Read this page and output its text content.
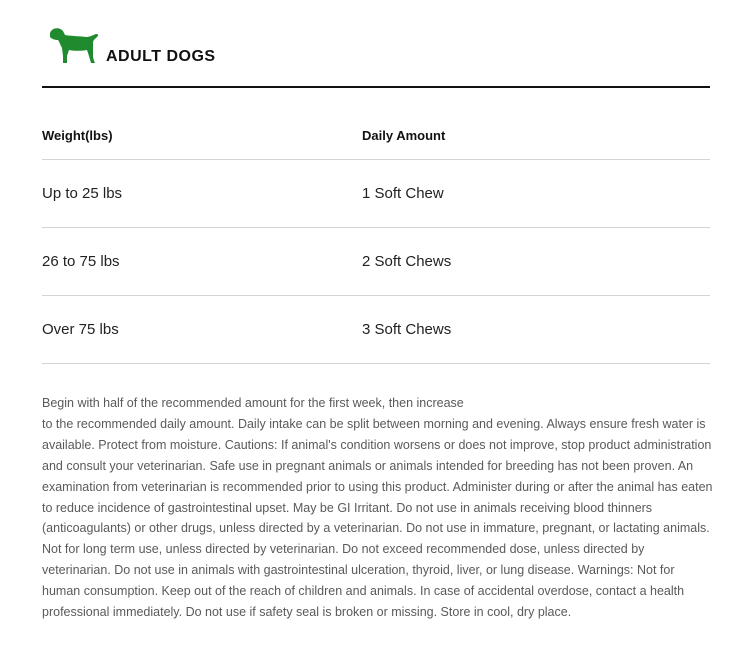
ADULT DOGS
Weight(lbs)	Daily Amount
Up to 25 lbs	1 Soft Chew
26 to 75 lbs	2 Soft Chews
Over 75 lbs	3 Soft Chews

Begin with half of the recommended amount for the first week, then increase

to the recommended daily amount. Daily intake can be split between morning and evening. Always ensure fresh water is available. Protect from moisture. Cautions: If animal's condition worsens or does not improve, stop product administration and consult your veterinarian. Safe use in pregnant animals or animals intended for breeding has not been proven. An examination from veterinarian is recommended prior to using this product. Administer during or after the animal has eaten to reduce incidence of gastrointestinal upset. May be GI Irritant. Do not use in animals receiving blood thinners (anticoagulants) or other drugs, unless directed by a veterinarian. Do not use in immature, pregnant, or lactating animals. Not for long term use, unless directed by veterinarian. Do not exceed recommended dose, unless directed by veterinarian. Do not use in animals with gastrointestinal ulceration, thyroid, liver, or lung disease. Warnings: Not for human consumption. Keep out of the reach of children and animals. In case of accidental overdose, contact a health professional immediately. Do not use if safety seal is broken or missing. Store in cool, dry place.
